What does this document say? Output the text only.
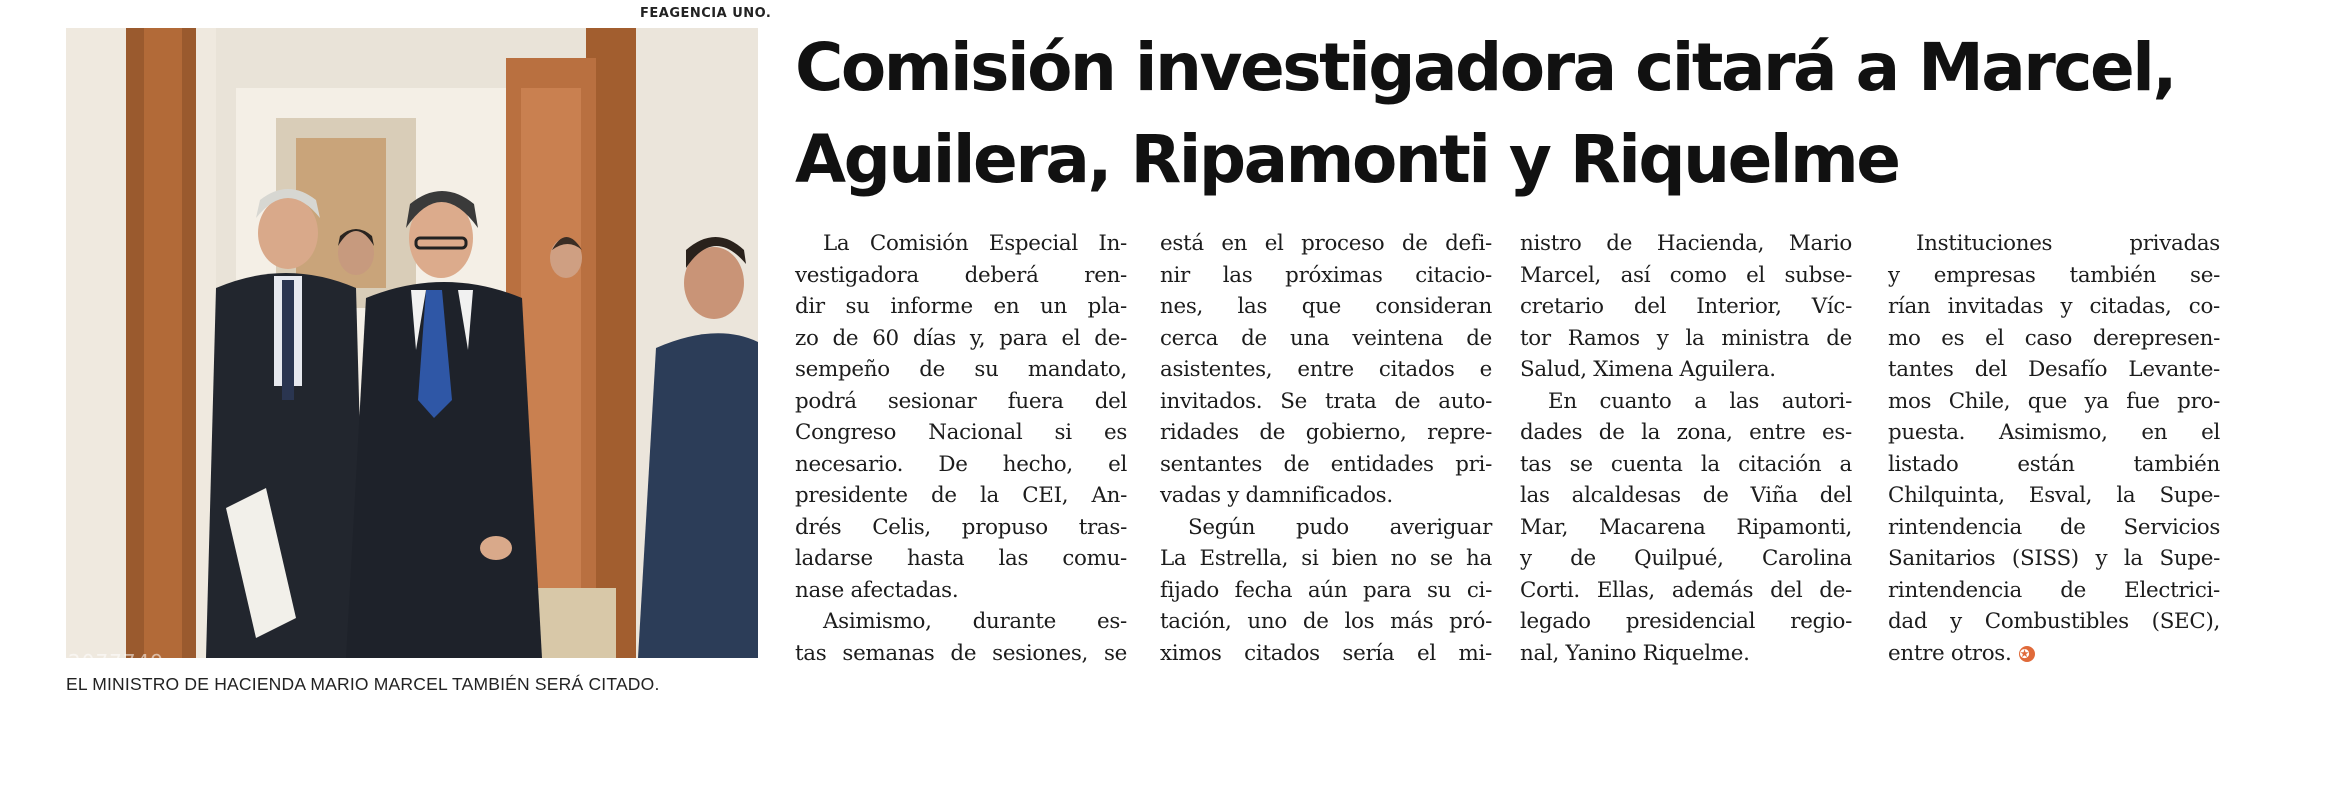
FEAGENCIA UNO.
2077749
EL MINISTRO DE HACIENDA MARIO MARCEL TAMBIÉN SERÁ CITADO.
Comisión investigadora citará a Marcel,
Aguilera, Ripamonti y Riquelme
La Comisión Especial In-
vestigadora deberá ren-
dir su informe en un pla-
zo de 60 días y, para el de-
sempeño de su mandato,
podrá sesionar fuera del
Congreso Nacional si es
necesario. De hecho, el
presidente de la CEI, An-
drés Celis, propuso tras-
ladarse hasta las comu-
nase afectadas.
Asimismo, durante es-
tas semanas de sesiones, se
está en el proceso de defi-
nir las próximas citacio-
nes, las que consideran
cerca de una veintena de
asistentes, entre citados e
invitados. Se trata de auto-
ridades de gobierno, repre-
sentantes de entidades pri-
vadas y damnificados.
Según pudo averiguar
La Estrella, si bien no se ha
fijado fecha aún para su ci-
tación, uno de los más pró-
ximos citados sería el mi-
nistro de Hacienda, Mario
Marcel, así como el subse-
cretario del Interior, Víc-
tor Ramos y la ministra de
Salud, Ximena Aguilera.
En cuanto a las autori-
dades de la zona, entre es-
tas se cuenta la citación a
las alcaldesas de Viña del
Mar, Macarena Ripamonti,
y de Quilpué, Carolina
Corti. Ellas, además del de-
legado presidencial regio-
nal, Yanino Riquelme.
Instituciones privadas
y empresas también se-
rían invitadas y citadas, co-
mo es el caso derepresen-
tantes del Desafío Levante-
mos Chile, que ya fue pro-
puesta. Asimismo, en el
listado están también
Chilquinta, Esval, la Supe-
rintendencia de Servicios
Sanitarios (SISS) y la Supe-
rintendencia de Electrici-
dad y Combustibles (SEC),
entre otros. ✪
